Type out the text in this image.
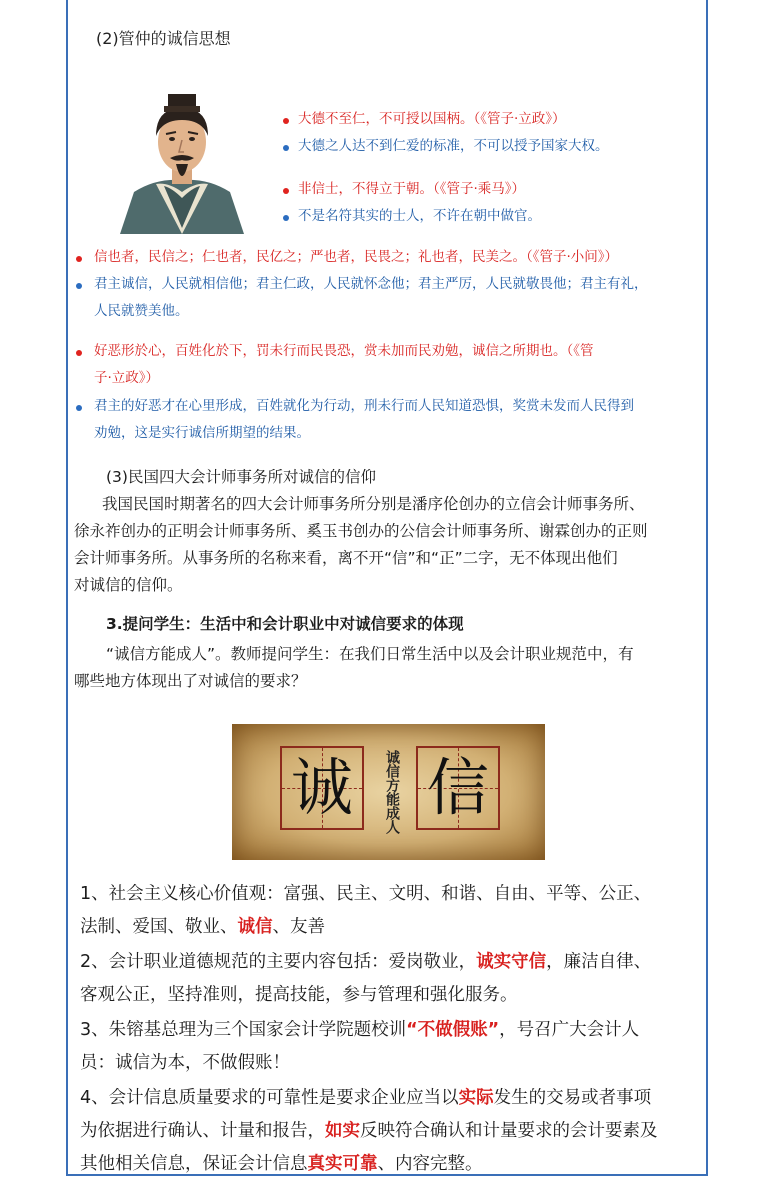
(2)管仲的诚信思想
大德不至仁，不可授以国柄。（《管子·立政》）
大德之人达不到仁爱的标准，不可以授予国家大权。
非信士，不得立于朝。（《管子·乘马》）
不是名符其实的士人，不许在朝中做官。
信也者，民信之；仁也者，民亿之；严也者，民畏之；礼也者，民美之。（《管子·小问》）
君主诚信，人民就相信他；君主仁政，人民就怀念他；君主严厉，人民就敬畏他；君主有礼，
人民就赞美他。
好恶形於心，百姓化於下，罚未行而民畏恐，赏未加而民劝勉，诚信之所期也。（《管
子·立政》）
君主的好恶才在心里形成，百姓就化为行动，刑未行而人民知道恐惧，奖赏未发而人民得到
劝勉，这是实行诚信所期望的结果。
(3)民国四大会计师事务所对诚信的信仰
我国民国时期著名的四大会计师事务所分别是潘序伦创办的立信会计师事务所、
徐永祚创办的正明会计师事务所、奚玉书创办的公信会计师事务所、谢霖创办的正则
会计师事务所。从事务所的名称来看，离不开“信”和“正”二字，无不体现出他们
对诚信的信仰。
3.提问学生：生活中和会计职业中对诚信要求的体现
“诚信方能成人”。教师提问学生：在我们日常生活中以及会计职业规范中，有
哪些地方体现出了对诚信的要求？
诚	诚信方能成人 信
1、社会主义核心价值观：富强、民主、文明、和谐、自由、平等、公正、
法制、爱国、敬业、诚信、友善
2、会计职业道德规范的主要内容包括：爱岗敬业，诚实守信，廉洁自律、
客观公正，坚持准则，提高技能，参与管理和强化服务。
3、朱镕基总理为三个国家会计学院题校训“不做假账”，号召广大会计人
员：诚信为本，不做假账！
4、会计信息质量要求的可靠性是要求企业应当以实际发生的交易或者事项
为依据进行确认、计量和报告，如实反映符合确认和计量要求的会计要素及
其他相关信息，保证会计信息真实可靠、内容完整。
